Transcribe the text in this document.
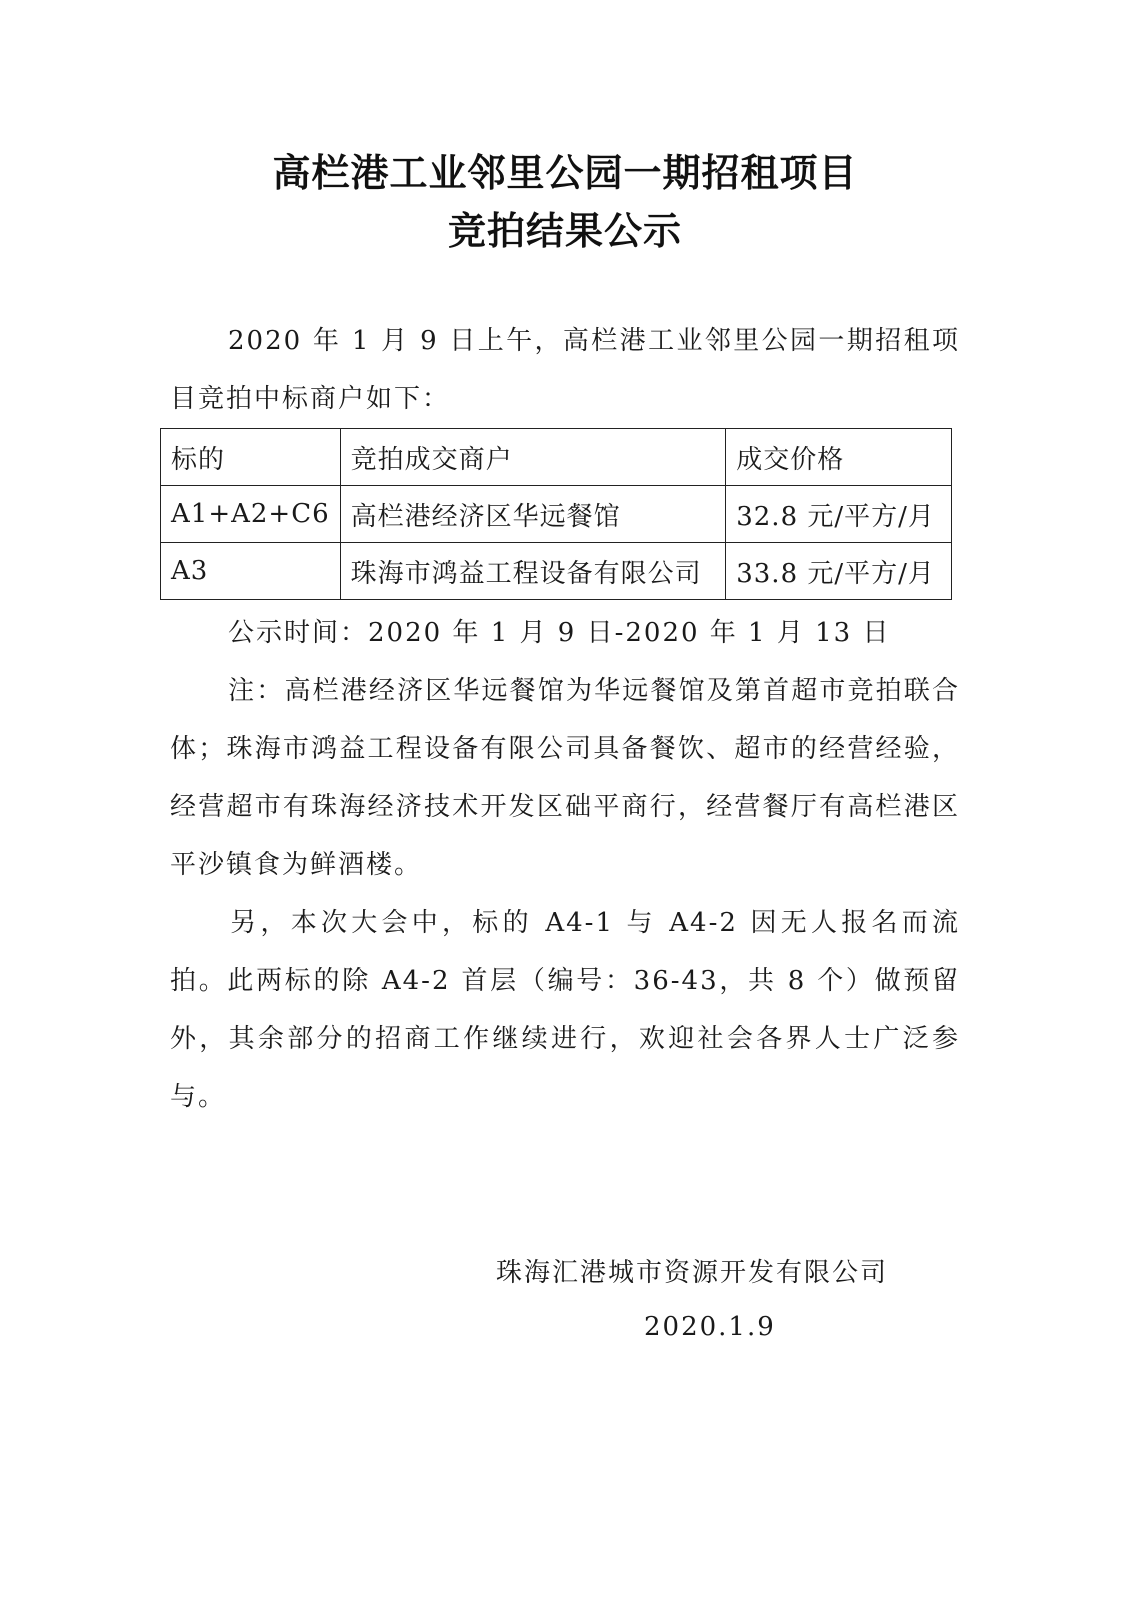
高栏港工业邻里公园一期招租项目
竞拍结果公示

2020 年 1 月 9 日上午，高栏港工业邻里公园一期招租项目竞拍中标商户如下：

标的	竞拍成交商户	成交价格
A1+A2+C6	高栏港经济区华远餐馆	32.8 元/平方/月
A3	珠海市鸿益工程设备有限公司	33.8 元/平方/月

公示时间：2020 年 1 月 9 日-2020 年 1 月 13 日

注：高栏港经济区华远餐馆为华远餐馆及第首超市竞拍联合体；珠海市鸿益工程设备有限公司具备餐饮、超市的经营经验，经营超市有珠海经济技术开发区础平商行，经营餐厅有高栏港区平沙镇食为鲜酒楼。

另，本次大会中，标的 A4-1 与 A4-2 因无人报名而流拍。此两标的除 A4-2 首层（编号：36-43，共 8 个）做预留外，其余部分的招商工作继续进行，欢迎社会各界人士广泛参与。

珠海汇港城市资源开发有限公司

2020.1.9
